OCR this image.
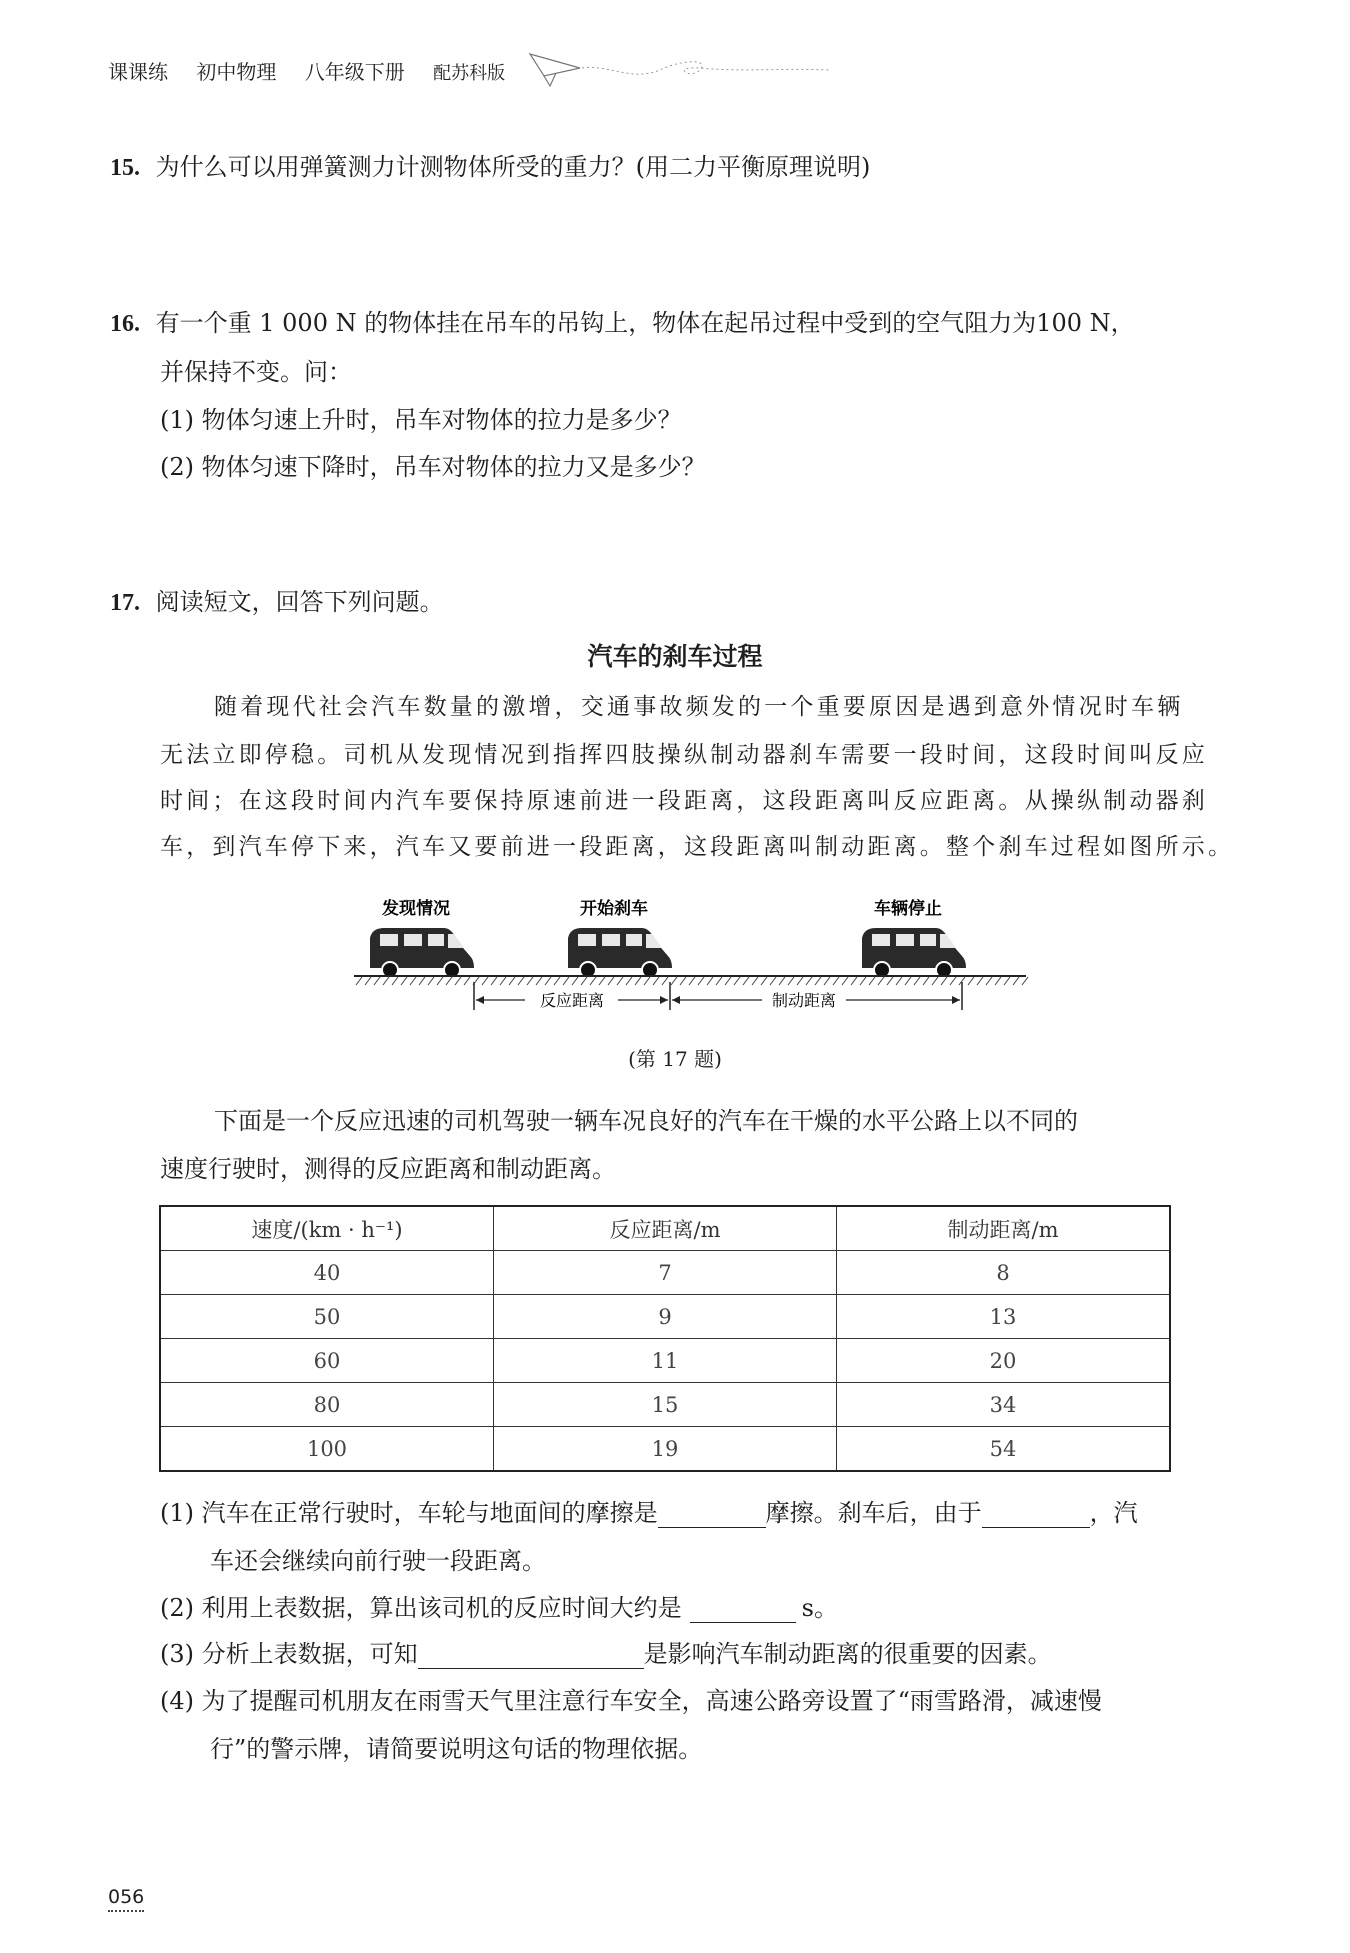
课课练 初中物理 八年级下册 配苏科版
15. 为什么可以用弹簧测力计测物体所受的重力？(用二力平衡原理说明)
16. 有一个重 1 000 N 的物体挂在吊车的吊钩上，物体在起吊过程中受到的空气阻力为100 N，
并保持不变。问：
(1) 物体匀速上升时，吊车对物体的拉力是多少？
(2) 物体匀速下降时，吊车对物体的拉力又是多少？
17. 阅读短文，回答下列问题。
汽车的刹车过程
随着现代社会汽车数量的激增，交通事故频发的一个重要原因是遇到意外情况时车辆
无法立即停稳。司机从发现情况到指挥四肢操纵制动器刹车需要一段时间，这段时间叫反应
时间；在这段时间内汽车要保持原速前进一段距离，这段距离叫反应距离。从操纵制动器刹
车，到汽车停下来，汽车又要前进一段距离，这段距离叫制动距离。整个刹车过程如图所示。
发现情况	开始刹车	车辆停止
反应距离	制动距离
(第 17 题)
下面是一个反应迅速的司机驾驶一辆车况良好的汽车在干燥的水平公路上以不同的
速度行驶时，测得的反应距离和制动距离。
速度/(km · h⁻¹)	反应距离/m	制动距离/m
40	7	8
50	9	13
60	11	20
80	15	34
100	19	54
(1) 汽车在正常行驶时，车轮与地面间的摩擦是	摩擦。刹车后，由于	，汽
车还会继续向前行驶一段距离。
(2) 利用上表数据，算出该司机的反应时间大约是	s。
(3) 分析上表数据，可知	是影响汽车制动距离的很重要的因素。
(4) 为了提醒司机朋友在雨雪天气里注意行车安全，高速公路旁设置了“雨雪路滑，减速慢
行”的警示牌，请简要说明这句话的物理依据。
056
